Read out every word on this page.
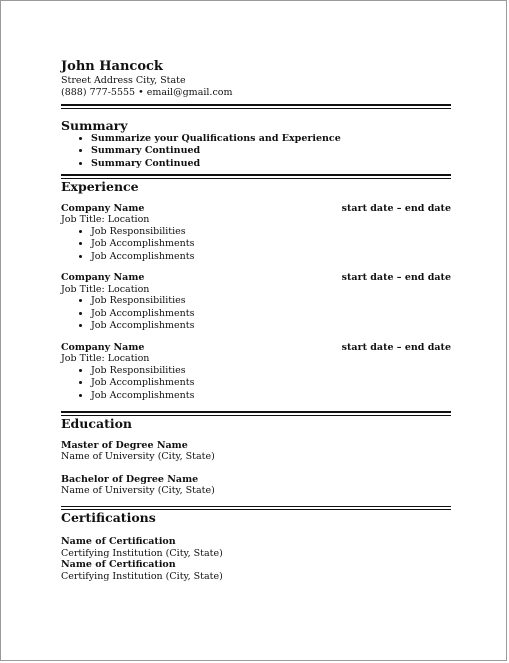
John Hancock
Street Address City, State
(888) 777-5555 • email@gmail.com
Summary
• Summarize your Qualifications and Experience
• Summary Continued
• Summary Continued
Experience
Company Name	start date – end date
Job Title: Location
• Job Responsibilities
• Job Accomplishments
• Job Accomplishments
Company Name	start date – end date
Job Title: Location
• Job Responsibilities
• Job Accomplishments
• Job Accomplishments
Company Name	start date – end date
Job Title: Location
• Job Responsibilities
• Job Accomplishments
• Job Accomplishments
Education
Master of Degree Name
Name of University (City, State)
Bachelor of Degree Name
Name of University (City, State)
Certifications
Name of Certification
Certifying Institution (City, State)
Name of Certification
Certifying Institution (City, State)
